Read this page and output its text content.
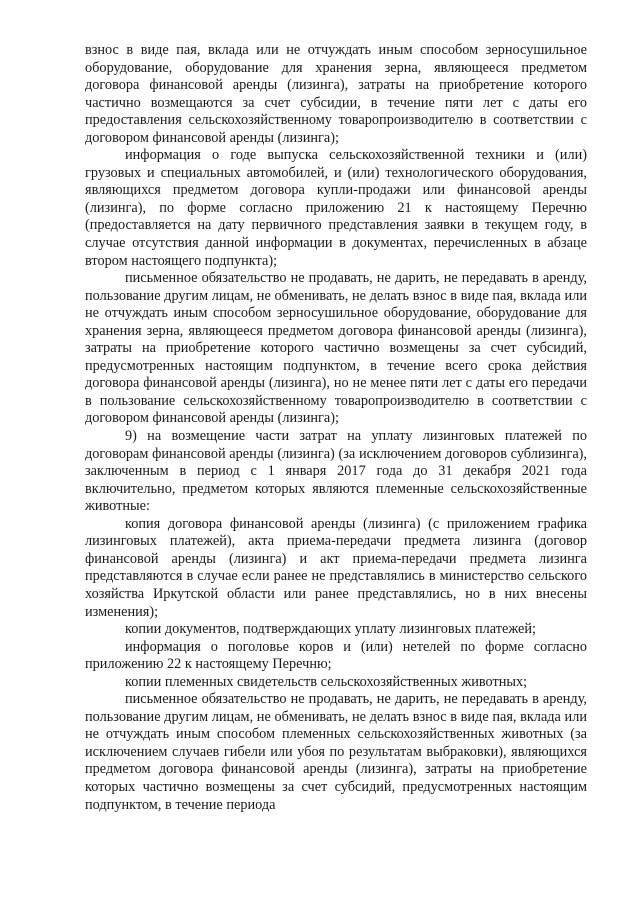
взнос в виде пая, вклада или не отчуждать иным способом зерносушильное оборудование, оборудование для хранения зерна, являющееся предметом договора финансовой аренды (лизинга), затраты на приобретение которого частично возмещаются за счет субсидии, в течение пяти лет с даты его предоставления сельскохозяйственному товаропроизводителю в соответствии с договором финансовой аренды (лизинга);

информация о годе выпуска сельскохозяйственной техники и (или) грузовых и специальных автомобилей, и (или) технологического оборудования, являющихся предметом договора купли-продажи или финансовой аренды (лизинга), по форме согласно приложению 21 к настоящему Перечню (предоставляется на дату первичного представления заявки в текущем году, в случае отсутствия данной информации в документах, перечисленных в абзаце втором настоящего подпункта);

письменное обязательство не продавать, не дарить, не передавать в аренду, пользование другим лицам, не обменивать, не делать взнос в виде пая, вклада или не отчуждать иным способом зерносушильное оборудование, оборудование для хранения зерна, являющееся предметом договора финансовой аренды (лизинга), затраты на приобретение которого частично возмещены за счет субсидий, предусмотренных настоящим подпунктом, в течение всего срока действия договора финансовой аренды (лизинга), но не менее пяти лет с даты его передачи в пользование сельскохозяйственному товаропроизводителю в соответствии с договором финансовой аренды (лизинга);

9) на возмещение части затрат на уплату лизинговых платежей по договорам финансовой аренды (лизинга) (за исключением договоров сублизинга), заключенным в период с 1 января 2017 года до 31 декабря 2021 года включительно, предметом которых являются племенные сельскохозяйственные животные:

копия договора финансовой аренды (лизинга) (с приложением графика лизинговых платежей), акта приема-передачи предмета лизинга (договор финансовой аренды (лизинга) и акт приема-передачи предмета лизинга представляются в случае если ранее не представлялись в министерство сельского хозяйства Иркутской области или ранее представлялись, но в них внесены изменения);

копии документов, подтверждающих уплату лизинговых платежей;

информация о поголовье коров и (или) нетелей по форме согласно приложению 22 к настоящему Перечню;

копии племенных свидетельств сельскохозяйственных животных;

письменное обязательство не продавать, не дарить, не передавать в аренду, пользование другим лицам, не обменивать, не делать взнос в виде пая, вклада или не отчуждать иным способом племенных сельскохозяйственных животных (за исключением случаев гибели или убоя по результатам выбраковки), являющихся предметом договора финансовой аренды (лизинга), затраты на приобретение которых частично возмещены за счет субсидий, предусмотренных настоящим подпунктом, в течение периода
